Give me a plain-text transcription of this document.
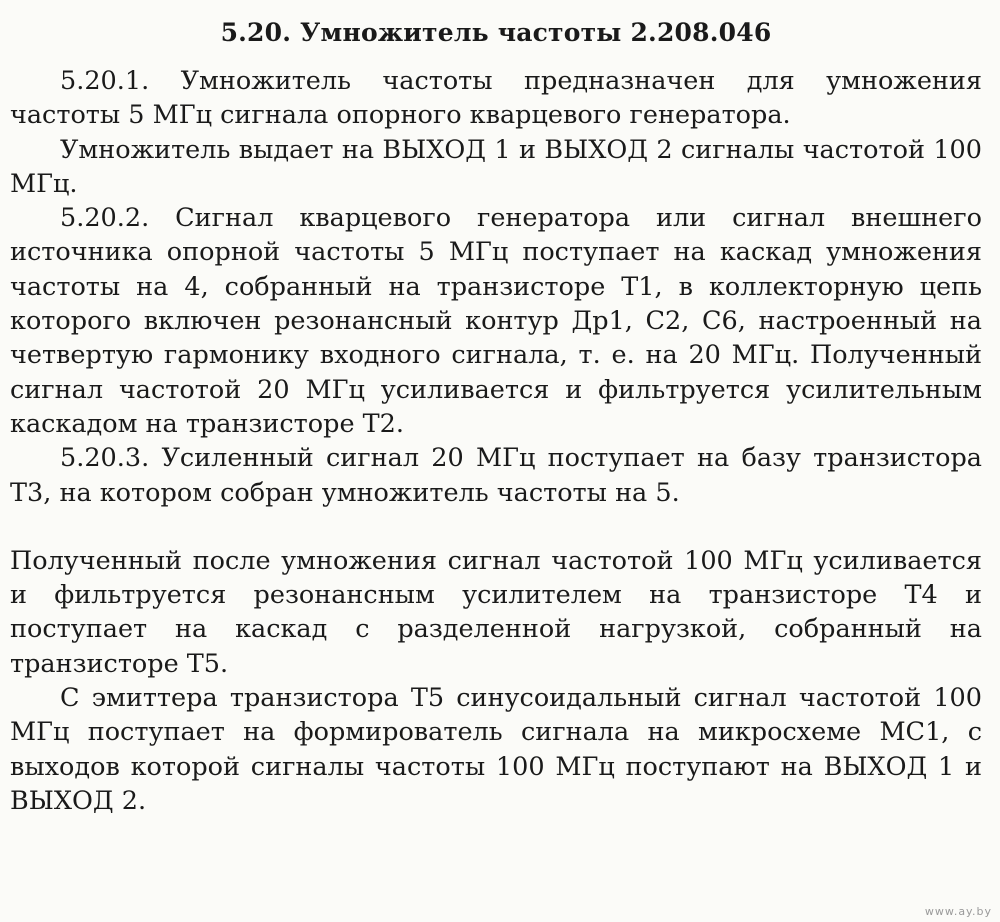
5.20. Умножитель частоты 2.208.046

5.20.1. Умножитель частоты предназначен для умножения частоты 5 МГц сигнала опорного кварцевого генератора.

Умножитель выдает на ВЫХОД 1 и ВЫХОД 2 сигналы частотой 100 МГц.

5.20.2. Сигнал кварцевого генератора или сигнал внешнего источника опорной частоты 5 МГц поступает на каскад умножения частоты на 4, собранный на транзисторе Т1, в коллекторную цепь которого включен резонансный контур Др1, С2, С6, настроенный на четвертую гармонику входного сигнала, т. е. на 20 МГц. Полученный сигнал частотой 20 МГц усиливается и фильтруется усилительным каскадом на транзисторе Т2.

5.20.3. Усиленный сигнал 20 МГц поступает на базу транзистора Т3, на котором собран умножитель частоты на 5.

Полученный после умножения сигнал частотой 100 МГц усиливается и фильтруется резонансным усилителем на транзисторе Т4 и поступает на каскад с разделенной нагрузкой, собранный на транзисторе Т5.

С эмиттера транзистора Т5 синусоидальный сигнал частотой 100 МГц поступает на формирователь сигнала на микросхеме МС1, с выходов которой сигналы частоты 100 МГц поступают на ВЫХОД 1 и ВЫХОД 2.

www.ay.by
